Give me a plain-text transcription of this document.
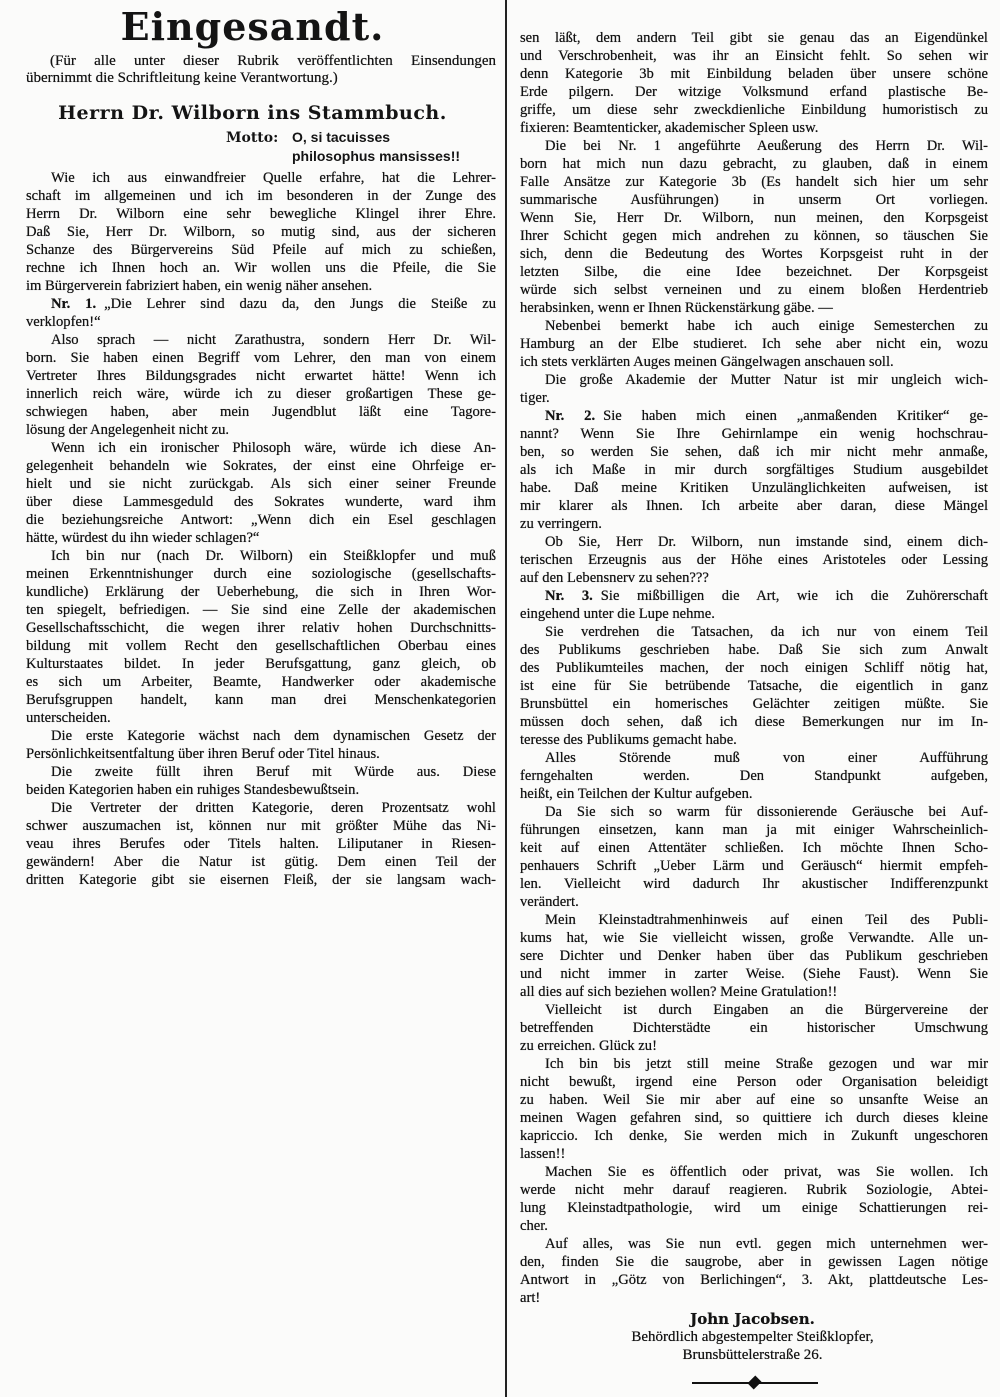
Eingesandt.
(Für alle unter dieser Rubrik veröffentlichten Einsendungen
übernimmt die Schriftleitung keine Verantwortung.)
Herrn Dr. Wilborn ins Stammbuch.
Motto: O, si tacuisses
philosophus mansisses!!
Wie ich aus einwandfreier Quelle erfahre, hat die Lehrer-
schaft im allgemeinen und ich im besonderen in der Zunge des
Herrn Dr. Wilborn eine sehr bewegliche Klingel ihrer Ehre.
Daß Sie, Herr Dr. Wilborn, so mutig sind, aus der sicheren
Schanze des Bürgervereins Süd Pfeile auf mich zu schießen,
rechne ich Ihnen hoch an. Wir wollen uns die Pfeile, die Sie
im Bürgerverein fabriziert haben, ein wenig näher ansehen.
Nr. 1. „Die Lehrer sind dazu da, den Jungs die Steiße zu
verklopfen!“
Also sprach — nicht Zarathustra, sondern Herr Dr. Wil-
born. Sie haben einen Begriff vom Lehrer, den man von einem
Vertreter Ihres Bildungsgrades nicht erwartet hätte! Wenn ich
innerlich reich wäre, würde ich zu dieser großartigen These ge-
schwiegen haben, aber mein Jugendblut läßt eine Tagore-
lösung der Angelegenheit nicht zu.
Wenn ich ein ironischer Philosoph wäre, würde ich diese An-
gelegenheit behandeln wie Sokrates, der einst eine Ohrfeige er-
hielt und sie nicht zurückgab. Als sich einer seiner Freunde
über diese Lammesgeduld des Sokrates wunderte, ward ihm
die beziehungsreiche Antwort: „Wenn dich ein Esel geschlagen
hätte, würdest du ihn wieder schlagen?“
Ich bin nur (nach Dr. Wilborn) ein Steißklopfer und muß
meinen Erkenntnishunger durch eine soziologische (gesellschafts-
kundliche) Erklärung der Ueberhebung, die sich in Ihren Wor-
ten spiegelt, befriedigen. — Sie sind eine Zelle der akademischen
Gesellschaftsschicht, die wegen ihrer relativ hohen Durchschnitts-
bildung mit vollem Recht den gesellschaftlichen Oberbau eines
Kulturstaates bildet. In jeder Berufsgattung, ganz gleich, ob
es sich um Arbeiter, Beamte, Handwerker oder akademische
Berufsgruppen handelt, kann man drei Menschenkategorien
unterscheiden.
Die erste Kategorie wächst nach dem dynamischen Gesetz der
Persönlichkeitsentfaltung über ihren Beruf oder Titel hinaus.
Die zweite füllt ihren Beruf mit Würde aus. Diese
beiden Kategorien haben ein ruhiges Standesbewußtsein.
Die Vertreter der dritten Kategorie, deren Prozentsatz wohl
schwer auszumachen ist, können nur mit größter Mühe das Ni-
veau ihres Berufes oder Titels halten. Liliputaner in Riesen-
gewändern! Aber die Natur ist gütig. Dem einen Teil der
dritten Kategorie gibt sie eisernen Fleiß, der sie langsam wach-
sen läßt, dem andern Teil gibt sie genau das an Eigendünkel
und Verschrobenheit, was ihr an Einsicht fehlt. So sehen wir
denn Kategorie 3b mit Einbildung beladen über unsere schöne
Erde pilgern. Der witzige Volksmund erfand plastische Be-
griffe, um diese sehr zweckdienliche Einbildung humoristisch zu
fixieren: Beamtenticker, akademischer Spleen usw.
Die bei Nr. 1 angeführte Aeußerung des Herrn Dr. Wil-
born hat mich nun dazu gebracht, zu glauben, daß in einem
Falle Ansätze zur Kategorie 3b (Es handelt sich hier um sehr
summarische Ausführungen) in unserm Ort vorliegen.
Wenn Sie, Herr Dr. Wilborn, nun meinen, den Korpsgeist
Ihrer Schicht gegen mich andrehen zu können, so täuschen Sie
sich, denn die Bedeutung des Wortes Korpsgeist ruht in der
letzten Silbe, die eine Idee bezeichnet. Der Korpsgeist
würde sich selbst verneinen und zu einem bloßen Herdentrieb
herabsinken, wenn er Ihnen Rückenstärkung gäbe. —
Nebenbei bemerkt habe ich auch einige Semesterchen zu
Hamburg an der Elbe studieret. Ich sehe aber nicht ein, wozu
ich stets verklärten Auges meinen Gängelwagen anschauen soll.
Die große Akademie der Mutter Natur ist mir ungleich wich-
tiger.
Nr. 2. Sie haben mich einen „anmaßenden Kritiker“ ge-
nannt? Wenn Sie Ihre Gehirnlampe ein wenig hochschrau-
ben, so werden Sie sehen, daß ich mir nicht mehr anmaße,
als ich Maße in mir durch sorgfältiges Studium ausgebildet
habe. Daß meine Kritiken Unzulänglichkeiten aufweisen, ist
mir klarer als Ihnen. Ich arbeite aber daran, diese Mängel
zu verringern.
Ob Sie, Herr Dr. Wilborn, nun imstande sind, einem dich-
terischen Erzeugnis aus der Höhe eines Aristoteles oder Lessing
auf den Lebensnerv zu sehen???
Nr. 3. Sie mißbilligen die Art, wie ich die Zuhörerschaft
eingehend unter die Lupe nehme.
Sie verdrehen die Tatsachen, da ich nur von einem Teil
des Publikums geschrieben habe. Daß Sie sich zum Anwalt
des Publikumteiles machen, der noch einigen Schliff nötig hat,
ist eine für Sie betrübende Tatsache, die eigentlich in ganz
Brunsbüttel ein homerisches Gelächter zeitigen müßte. Sie
müssen doch sehen, daß ich diese Bemerkungen nur im In-
teresse des Publikums gemacht habe.
Alles Störende muß von einer Aufführung
ferngehalten werden. Den Standpunkt aufgeben,
heißt, ein Teilchen der Kultur aufgeben.
Da Sie sich so warm für dissonierende Geräusche bei Auf-
führungen einsetzen, kann man ja mit einiger Wahrscheinlich-
keit auf einen Attentäter schließen. Ich möchte Ihnen Scho-
penhauers Schrift „Ueber Lärm und Geräusch“ hiermit empfeh-
len. Vielleicht wird dadurch Ihr akustischer Indifferenzpunkt
verändert.
Mein Kleinstadtrahmenhinweis auf einen Teil des Publi-
kums hat, wie Sie vielleicht wissen, große Verwandte. Alle un-
sere Dichter und Denker haben über das Publikum geschrieben
und nicht immer in zarter Weise. (Siehe Faust). Wenn Sie
all dies auf sich beziehen wollen? Meine Gratulation!!
Vielleicht ist durch Eingaben an die Bürgervereine der
betreffenden Dichterstädte ein historischer Umschwung
zu erreichen. Glück zu!
Ich bin bis jetzt still meine Straße gezogen und war mir
nicht bewußt, irgend eine Person oder Organisation beleidigt
zu haben. Weil Sie mir aber auf eine so unsanfte Weise an
meinen Wagen gefahren sind, so quittiere ich durch dieses kleine
kapriccio. Ich denke, Sie werden mich in Zukunft ungeschoren
lassen!!
Machen Sie es öffentlich oder privat, was Sie wollen. Ich
werde nicht mehr darauf reagieren. Rubrik Soziologie, Abtei-
lung Kleinstadtpathologie, wird um einige Schattierungen rei-
cher.
Auf alles, was Sie nun evtl. gegen mich unternehmen wer-
den, finden Sie die saugrobe, aber in gewissen Lagen nötige
Antwort in „Götz von Berlichingen“, 3. Akt, plattdeutsche Les-
art!
John Jacobsen.
Behördlich abgestempelter Steißklopfer,
Brunsbüttelerstraße 26.
